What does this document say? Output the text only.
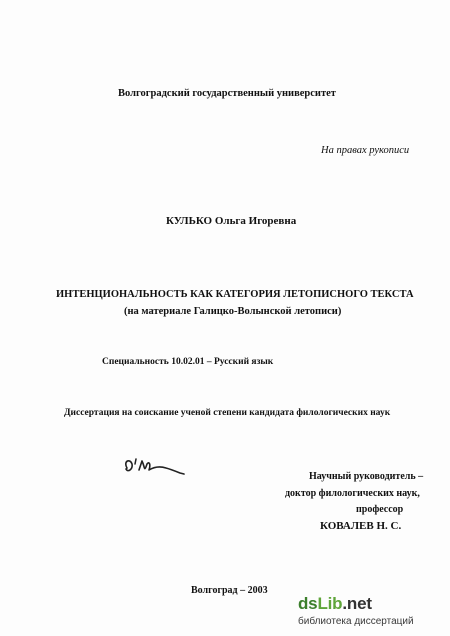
Волгоградский государственный университет
На правах рукописи
КУЛЬКО Ольга Игоревна
ИНТЕНЦИОНАЛЬНОСТЬ КАК КАТЕГОРИЯ ЛЕТОПИСНОГО ТЕКСТА
(на материале Галицко-Волынской летописи)
Специальность 10.02.01 – Русский язык
Диссертация на соискание ученой степени кандидата филологических наук
Научный руководитель –
доктор филологических наук,
профессор
КОВАЛЕВ Н. С.
Волгоград – 2003
dsLib.net
библиотека диссертаций
